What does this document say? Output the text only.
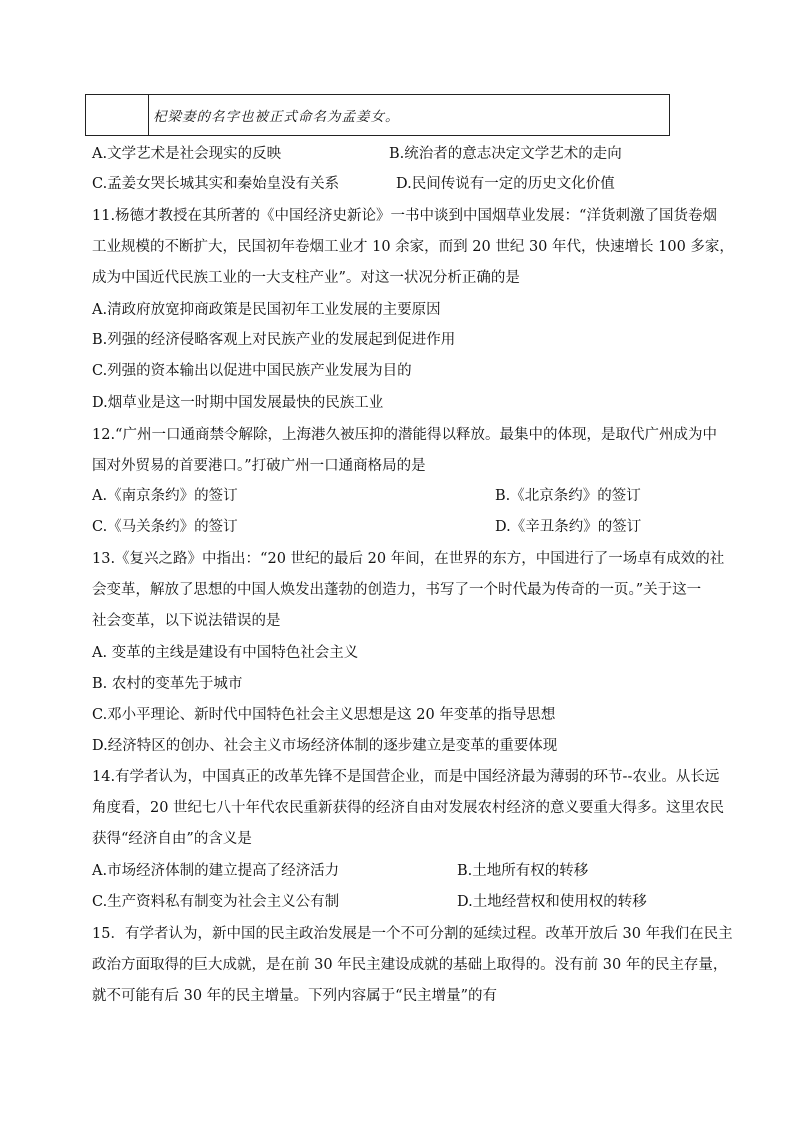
杞梁妻的名字也被正式命名为孟姜女。
A.文学艺术是社会现实的反映	B.统治者的意志决定文学艺术的走向
C.孟姜女哭长城其实和秦始皇没有关系	D.民间传说有一定的历史文化价值
11.杨德才教授在其所著的《中国经济史新论》一书中谈到中国烟草业发展：“洋货刺激了国货卷烟
工业规模的不断扩大，民国初年卷烟工业才 10 余家，而到 20 世纪 30 年代，快速增长 100 多家，
成为中国近代民族工业的一大支柱产业”。对这一状况分析正确的是
A.清政府放宽抑商政策是民国初年工业发展的主要原因
B.列强的经济侵略客观上对民族产业的发展起到促进作用
C.列强的资本输出以促进中国民族产业发展为目的
D.烟草业是这一时期中国发展最快的民族工业
12.“广州一口通商禁令解除，上海港久被压抑的潜能得以释放。最集中的体现，是取代广州成为中
国对外贸易的首要港口。”打破广州一口通商格局的是
A.《南京条约》的签订	B.《北京条约》的签订
C.《马关条约》的签订	D.《辛丑条约》的签订
13.《复兴之路》中指出：“20 世纪的最后 20 年间，在世界的东方，中国进行了一场卓有成效的社
会变革，解放了思想的中国人焕发出蓬勃的创造力，书写了一个时代最为传奇的一页。”关于这一
社会变革，以下说法错误的是
A. 变革的主线是建设有中国特色社会主义
B. 农村的变革先于城市
C.邓小平理论、新时代中国特色社会主义思想是这 20 年变革的指导思想
D.经济特区的创办、社会主义市场经济体制的逐步建立是变革的重要体现
14.有学者认为，中国真正的改革先锋不是国营企业，而是中国经济最为薄弱的环节--农业。从长远
角度看，20 世纪七八十年代农民重新获得的经济自由对发展农村经济的意义要重大得多。这里农民
获得“经济自由”的含义是
A.市场经济体制的建立提高了经济活力	B.土地所有权的转移
C.生产资料私有制变为社会主义公有制	D.土地经营权和使用权的转移
15．有学者认为，新中国的民主政治发展是一个不可分割的延续过程。改革开放后 30 年我们在民主
政治方面取得的巨大成就，是在前 30 年民主建设成就的基础上取得的。没有前 30 年的民主存量，
就不可能有后 30 年的民主增量。下列内容属于“民主增量”的有
